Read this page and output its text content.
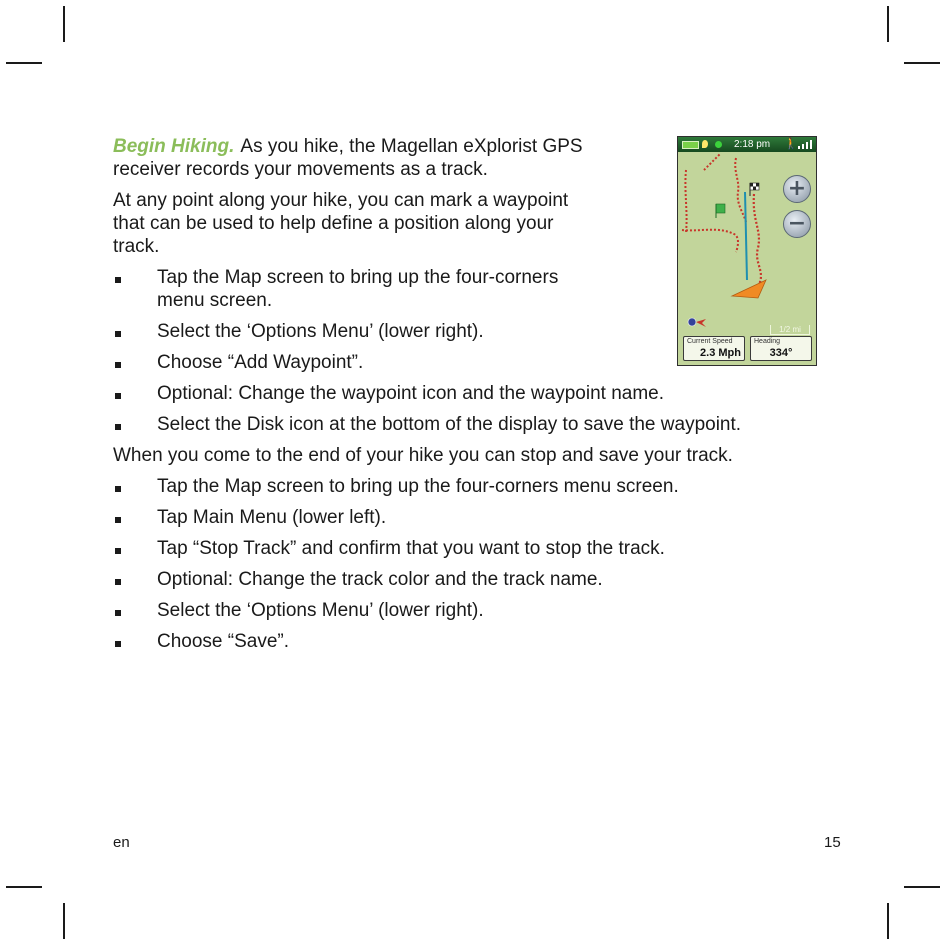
Begin Hiking. As you hike, the Magellan eXplorist GPS receiver records your movements as a track.

At any point along your hike, you can mark a waypoint that can be used to help define a position along your track.

Tap the Map screen to bring up the four-corners menu screen.
Select the ‘Options Menu’ (lower right).
Choose “Add Waypoint”.
Optional: Change the waypoint icon and the waypoint name.
Select the Disk icon at the bottom of the display to save the waypoint.

When you come to the end of your hike you can stop and save your track.

Tap the Map screen to bring up the four-corners menu screen.
Tap Main Menu (lower left).
Tap “Stop Track” and confirm that you want to stop the track.
Optional: Change the track color and the track name.
Select the ‘Options Menu’ (lower right).
Choose “Save”.
2:18 pm 🚶
+
−
1/2 mi
Current Speed
2.3 Mph
Heading
334°
en	15
